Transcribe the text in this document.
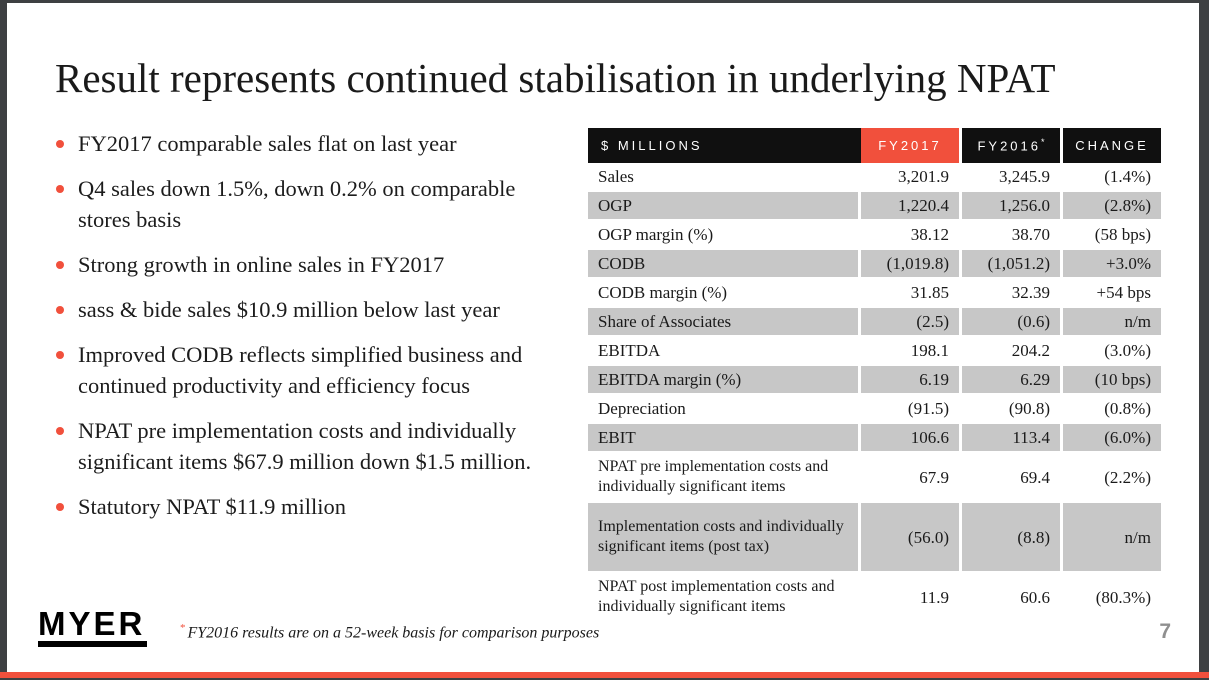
Result represents continued stabilisation in underlying NPAT
FY2017 comparable sales flat on last year
Q4 sales down 1.5%, down 0.2% on comparable stores basis
Strong growth in online sales in FY2017
sass & bide sales $10.9 million below last year
Improved CODB reflects simplified business and continued productivity and efficiency focus
NPAT pre implementation costs and individually significant items $67.9 million down $1.5 million.
Statutory NPAT $11.9 million
$ MILLIONS	FY2017	FY2016*	CHANGE
Sales	3,201.9	3,245.9	(1.4%)
OGP	1,220.4	1,256.0	(2.8%)
OGP margin (%)	38.12	38.70	(58 bps)
CODB	(1,019.8)	(1,051.2)	+3.0%
CODB margin (%)	31.85	32.39	+54 bps
Share of Associates	(2.5)	(0.6)	n/m
EBITDA	198.1	204.2	(3.0%)
EBITDA margin (%)	6.19	6.29	(10 bps)
Depreciation	(91.5)	(90.8)	(0.8%)
EBIT	106.6	113.4	(6.0%)
NPAT pre implementation costs and individually significant items	67.9	69.4	(2.2%)
Implementation costs and individually significant items (post tax)	(56.0)	(8.8)	n/m
NPAT post implementation costs and individually significant items	11.9	60.6	(80.3%)
MYER	* FY2016 results are on a 52-week basis for comparison purposes	7
